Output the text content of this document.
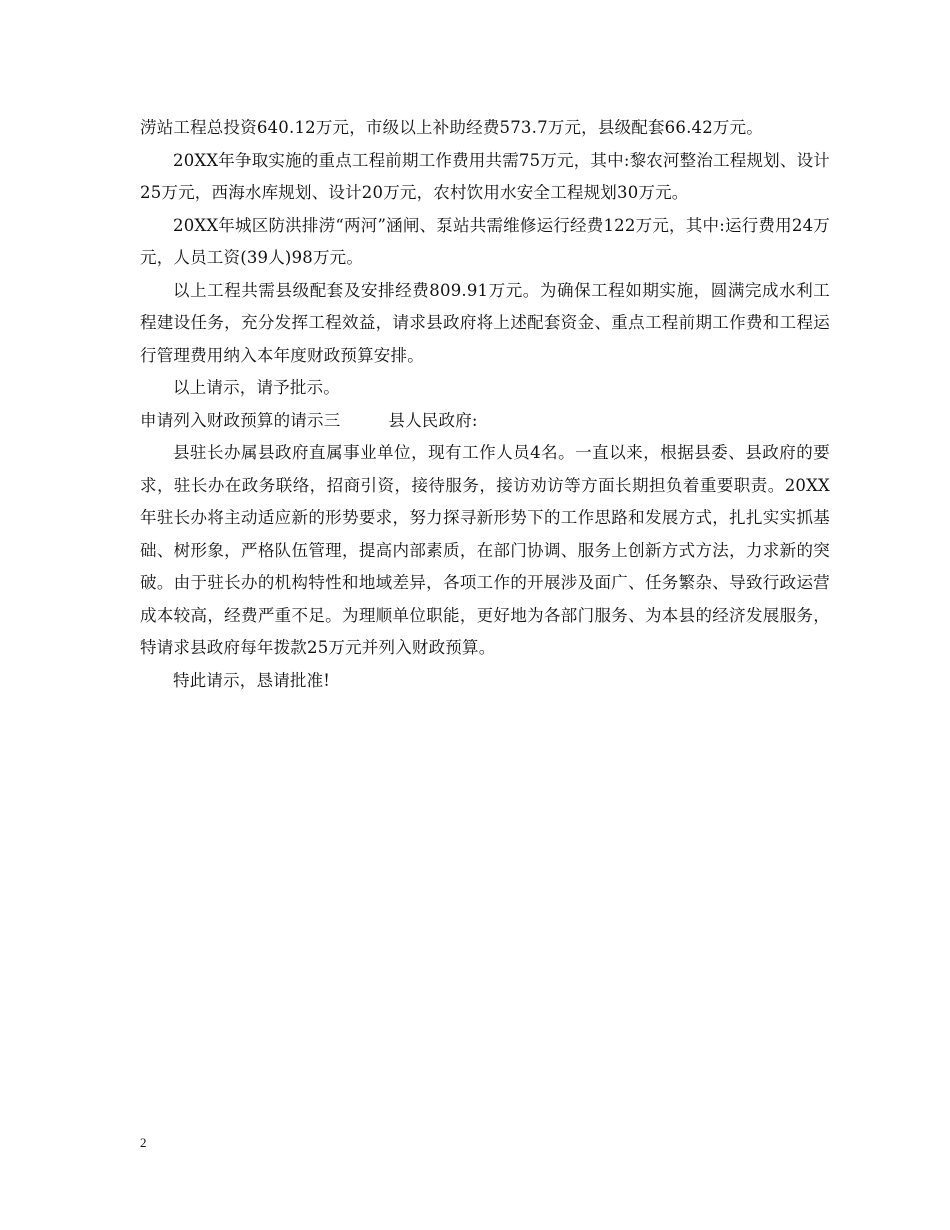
涝站工程总投资640.12万元，市级以上补助经费573.7万元，县级配套66.42万元。

20XX年争取实施的重点工程前期工作费用共需75万元，其中:黎农河整治工程规划、设计25万元，西海水库规划、设计20万元，农村饮用水安全工程规划30万元。

20XX年城区防洪排涝“两河”涵闸、泵站共需维修运行经费122万元，其中:运行费用24万元，人员工资(39人)98万元。

以上工程共需县级配套及安排经费809.91万元。为确保工程如期实施，圆满完成水利工程建设任务，充分发挥工程效益，请求县政府将上述配套资金、重点工程前期工作费和工程运行管理费用纳入本年度财政预算安排。

以上请示，请予批示。

申请列入财政预算的请示三	县人民政府:

县驻长办属县政府直属事业单位，现有工作人员4名。一直以来，根据县委、县政府的要求，驻长办在政务联络，招商引资，接待服务，接访劝访等方面长期担负着重要职责。20XX年驻长办将主动适应新的形势要求，努力探寻新形势下的工作思路和发展方式，扎扎实实抓基础、树形象，严格队伍管理，提高内部素质，在部门协调、服务上创新方式方法，力求新的突破。由于驻长办的机构特性和地域差异，各项工作的开展涉及面广、任务繁杂、导致行政运营成本较高，经费严重不足。为理顺单位职能，更好地为各部门服务、为本县的经济发展服务，特请求县政府每年拨款25万元并列入财政预算。

特此请示，恳请批准!

2
